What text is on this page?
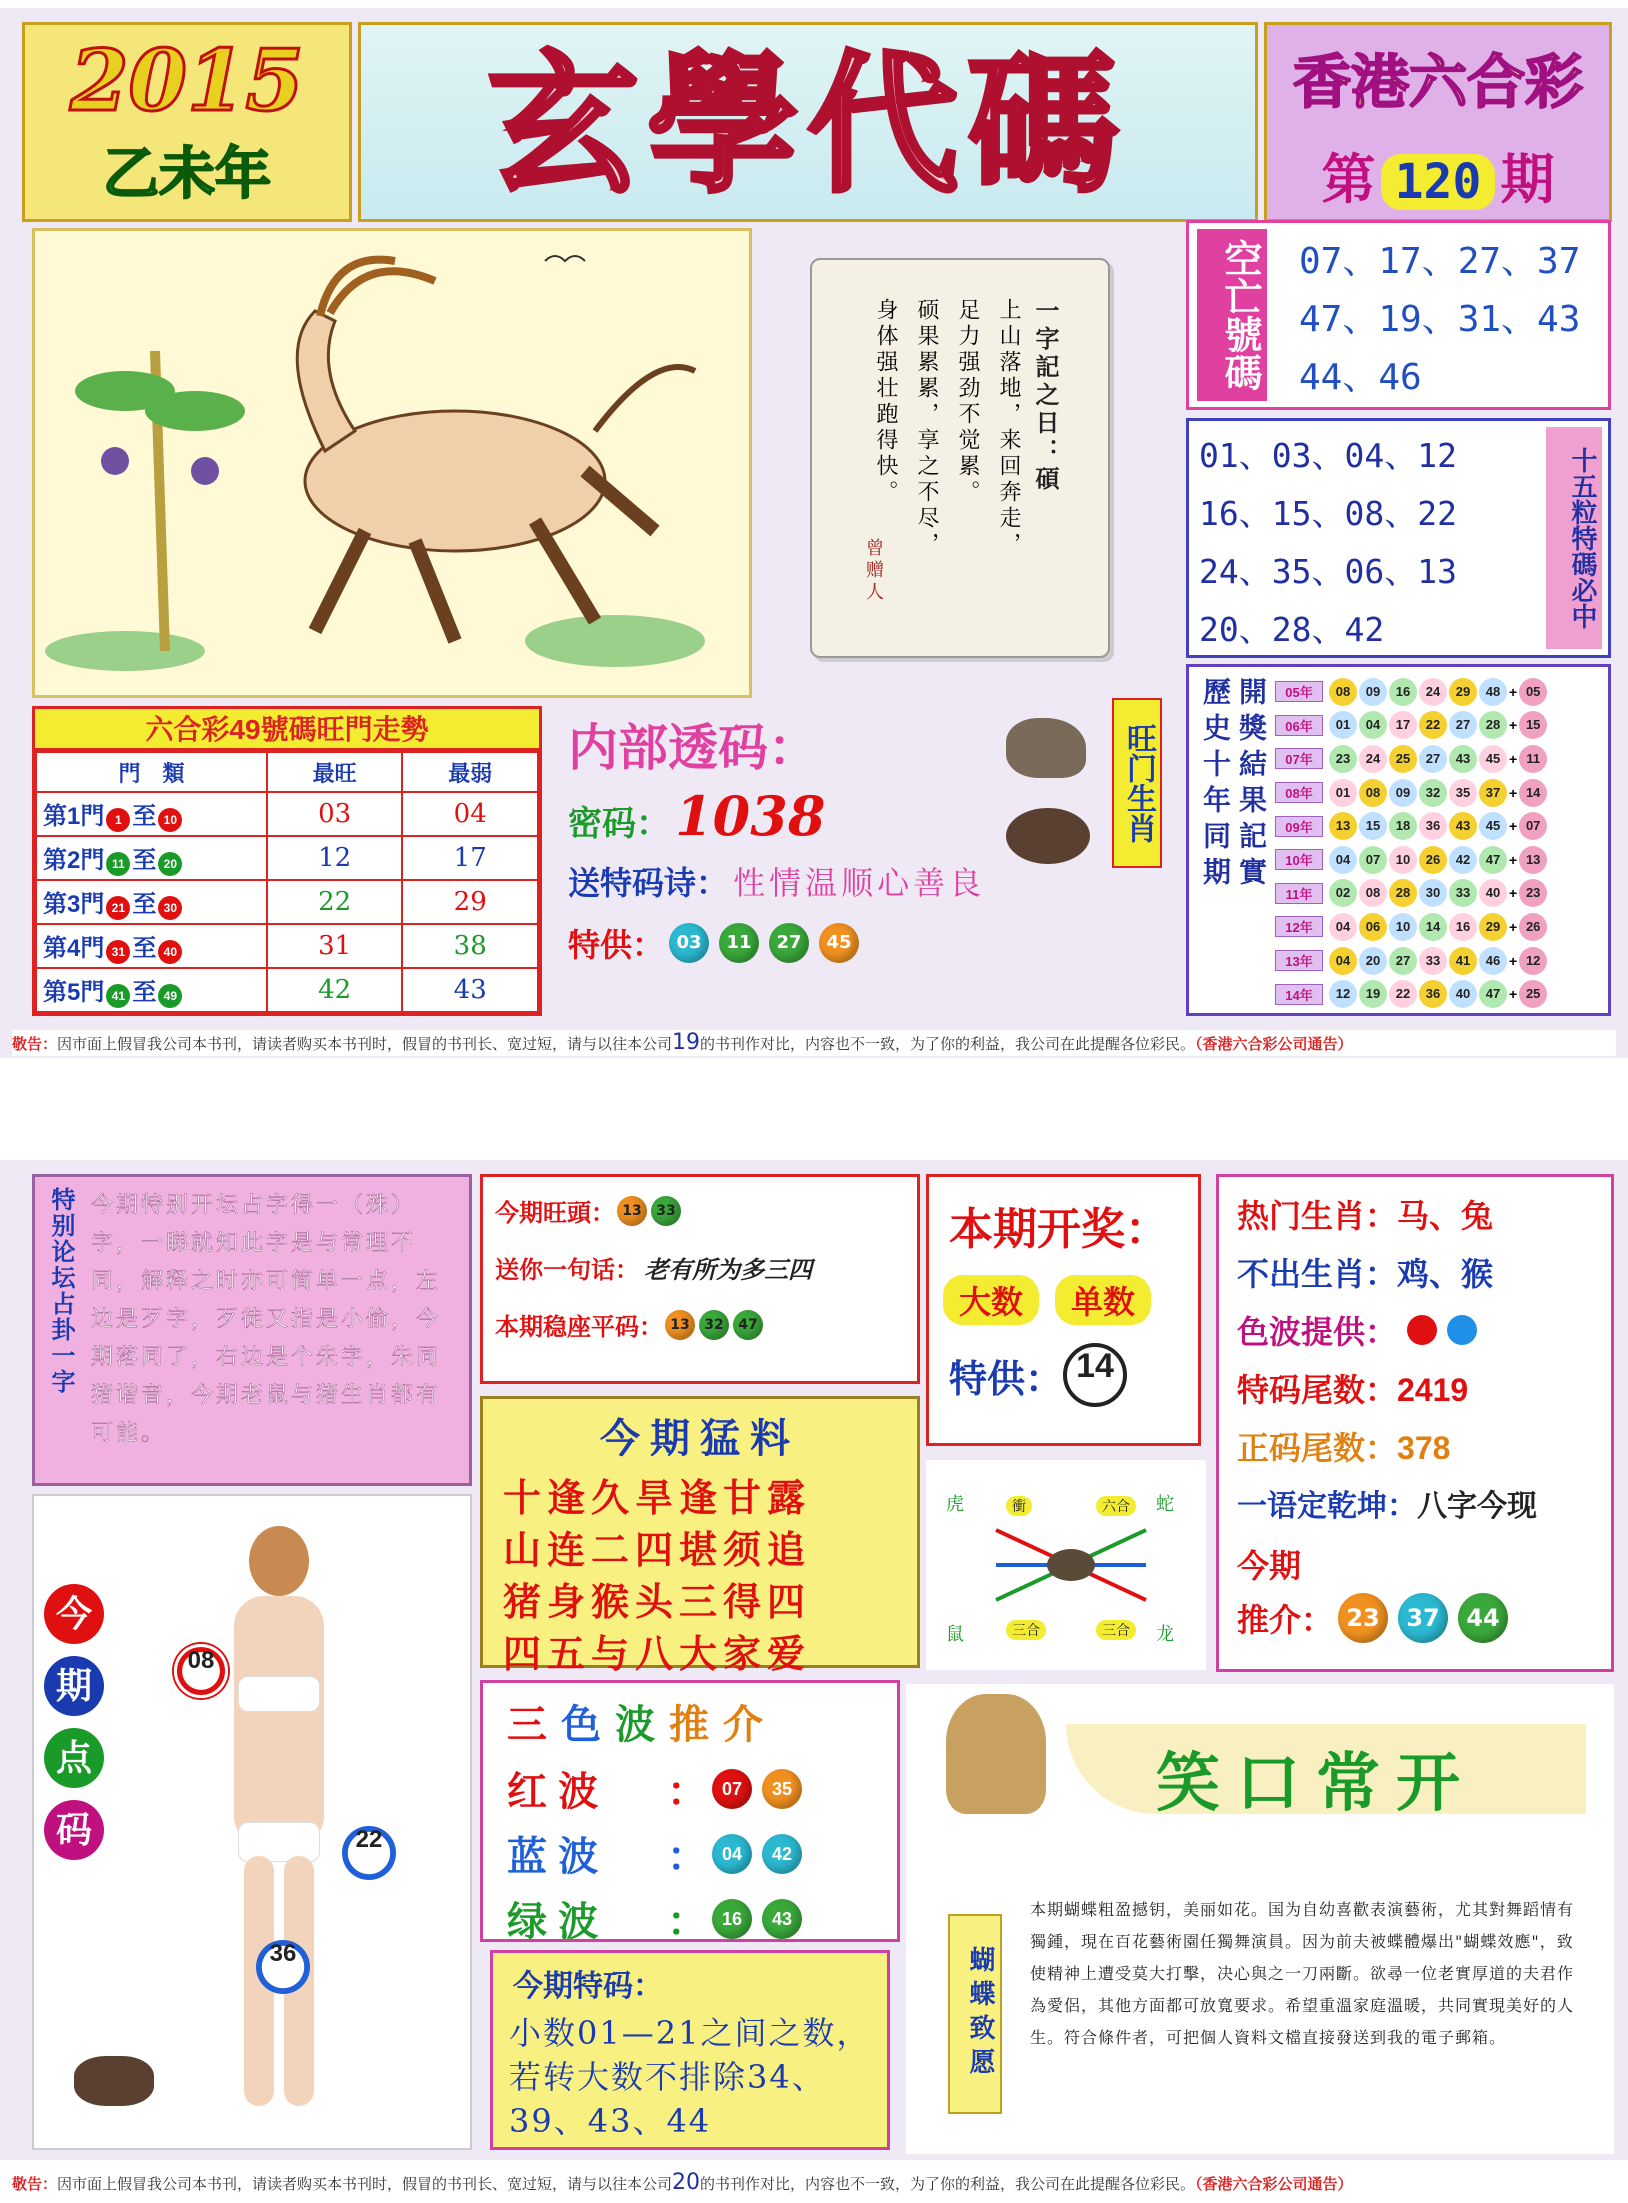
2015
乙未年	玄學代碼	香港六合彩
第 120 期
一字記之日：碩
上山落地，来回奔走，
足力强劲不觉累。
硕果累累，享之不尽，
身体强壮跑得快。
曾赠人
空亡號碼 07、17、27、37
47、19、31、43
44、46
01、03、04、12
16、15、08、22
24、35、06、13
20、28、42
十五粒特碼必中
歷史十年同期 開獎結果記實	05年	08	09	16	24	29	48 + 05
06年	01	04	17	22	27	28 + 15
07年	23	24	25	27	43	45 + 11
08年	01	08	09	32	35	37 + 14
09年	13	15	18	36	43	45 + 07
10年	04	07	10	26	42	47 + 13
11年	02	08	28	30	33	40 + 23
12年	04	06	10	14	16	29 + 26
13年	04	20	27	33	41	46 + 12
14年	12	19	22	36	40	47 + 25
六合彩49號碼旺門走勢
門　類	最旺	最弱
第1門 1 至 10	03	04
第2門 11 至 20	12	17
第3門 21 至 30	22	29
第4門 31 至 40	31	38
第5門 41 至 49	42	43
内部透码：
密码： 1038
送特码诗： 性情温顺心善良
特供： 03	11	27	45
旺门生肖
敬告：因市面上假冒我公司本书刊，请读者购买本书刊时，假冒的书刊长、宽过短，请与以往本公司19的书刊作对比，内容也不一致，为了你的利益，我公司在此提醒各位彩民。（香港六合彩公司通告）
特别论坛占卦一字 今期特别开坛占字得一（殊）字，一睇就知此字是与常理不同，解释之时亦可简单一点，左边是歹字，歹徒又指是小偷，今期落同了，右边是个朱字，朱同猪谐音，今期老鼠与猪生肖都有可能。
今期旺頭： 13	33
送你一句话： 老有所为多三四
本期稳座平码： 13	32	47
本期开奖：
大数	单数
特供： 14
热门生肖：马、兔
不出生肖：鸡、猴
色波提供：
特码尾数：2419
正码尾数：378
一语定乾坤：八字今现
今期
推介： 23	37	44
今期猛料
十逢久旱逢甘露
山连二四堪须追
猪身猴头三得四
四五与八大家爱
虎	衝	六合	蛇
鼠	三合	三合	龙
今
期
点
码
08
22
36
三色波推介
红 波	： 07	35
蓝 波	： 04	42
绿 波	： 16	43
今期特码：
小数01—21之间之数，若转大数不排除34、39、43、44
笑口常开
蝴蝶致愿
本期蝴蝶粗盈撼钥，美丽如花。国为自幼喜歡表演藝術，尤其對舞蹈情有獨鍾，現在百花藝術園任獨舞演員。因为前夫被蝶體爆出"蝴蝶效應"，致使精神上遭受莫大打擊，决心與之一刀兩斷。欲尋一位老實厚道的夫君作為愛侶，其他方面都可放寬要求。希望重溫家庭溫暖，共同實現美好的人生。符合條件者，可把個人資料文檔直接發送到我的電子郵箱。
敬告：因市面上假冒我公司本书刊，请读者购买本书刊时，假冒的书刊长、宽过短，请与以往本公司20的书刊作对比，内容也不一致，为了你的利益，我公司在此提醒各位彩民。（香港六合彩公司通告）
